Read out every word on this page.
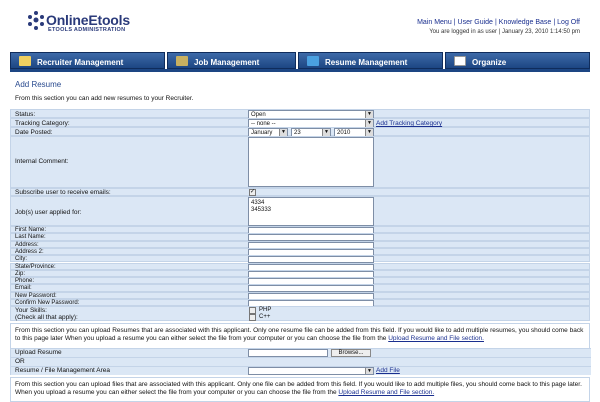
OnlineEtools
ETOOLS ADMINISTRATION
Main Menu | User Guide | Knowledge Base | Log Off
You are logged in as user | January 23, 2010 1:14:50 pm
Recruiter Management	Job Management	Resume Management	Organize
Add Resume
From this section you can add new resumes to your Recruiter.
Status:	Open	▼
Tracking Category:	-- none --	▼ Add Tracking Category
Date Posted:	January	▼	23	▼	2010	▼
Internal Comment:
Subscribe user to receive emails:	✓
Job(s) user applied for:
4334
345333
First Name:
Last Name:
Address:
Address 2:
City:
State/Province:
Zip:
Phone:
Email:
New Password:
Confirm New Password:
Your Skills:
(Check all that apply):
PHP
C++
From this section you can upload Resumes that are associated with this applicant. Only one resume file can be added from this field. If you would like to add multiple resumes, you should come back to this page later When you upload a resume you can either select the file from your computer or you can choose the file from the Upload Resume and File section.
Upload Resume	Browse...
OR
Resume / File Management Area	▼ Add File
From this section you can upload files that are associated with this applicant. Only one file can be added from this field. If you would like to add multiple files, you should come back to this page later. When you upload a resume you can either select the file from your computer or you can choose the file from the Upload Resume and File section.
